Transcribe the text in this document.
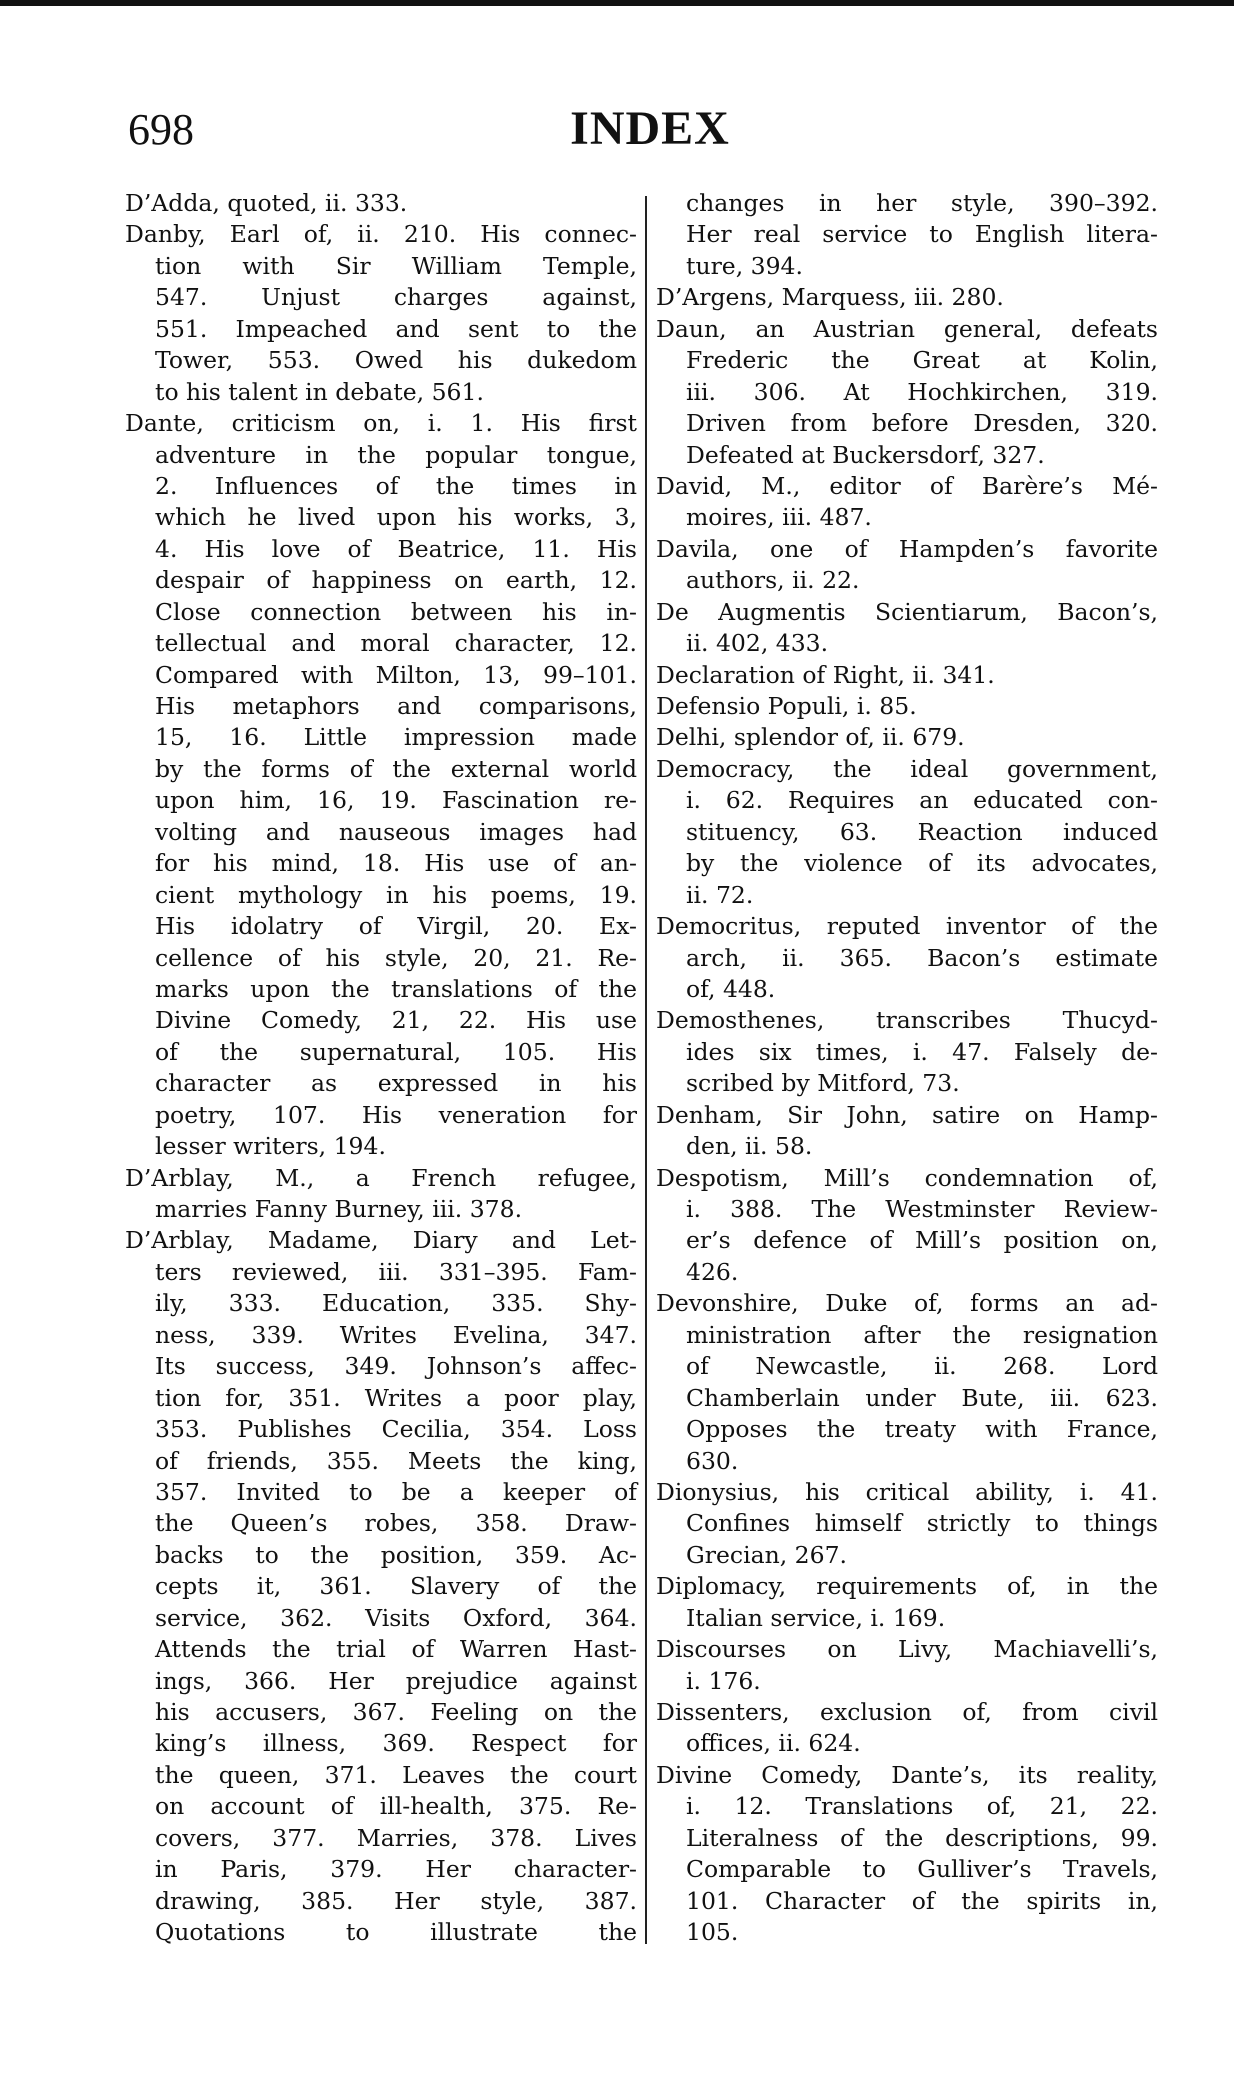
698	INDEX
D’Adda, quoted, ii. 333.
Danby, Earl of, ii. 210. His connec-
tion with Sir William Temple,
547. Unjust charges against,
551. Impeached and sent to the
Tower, 553. Owed his dukedom
to his talent in debate, 561.
Dante, criticism on, i. 1. His first
adventure in the popular tongue,
2. Influences of the times in
which he lived upon his works, 3,
4. His love of Beatrice, 11. His
despair of happiness on earth, 12.
Close connection between his in-
tellectual and moral character, 12.
Compared with Milton, 13, 99–101.
His metaphors and comparisons,
15, 16. Little impression made
by the forms of the external world
upon him, 16, 19. Fascination re-
volting and nauseous images had
for his mind, 18. His use of an-
cient mythology in his poems, 19.
His idolatry of Virgil, 20. Ex-
cellence of his style, 20, 21. Re-
marks upon the translations of the
Divine Comedy, 21, 22. His use
of the supernatural, 105. His
character as expressed in his
poetry, 107. His veneration for
lesser writers, 194.
D’Arblay, M., a French refugee,
marries Fanny Burney, iii. 378.
D’Arblay, Madame, Diary and Let-
ters reviewed, iii. 331–395. Fam-
ily, 333. Education, 335. Shy-
ness, 339. Writes Evelina, 347.
Its success, 349. Johnson’s affec-
tion for, 351. Writes a poor play,
353. Publishes Cecilia, 354. Loss
of friends, 355. Meets the king,
357. Invited to be a keeper of
the Queen’s robes, 358. Draw-
backs to the position, 359. Ac-
cepts it, 361. Slavery of the
service, 362. Visits Oxford, 364.
Attends the trial of Warren Hast-
ings, 366. Her prejudice against
his accusers, 367. Feeling on the
king’s illness, 369. Respect for
the queen, 371. Leaves the court
on account of ill-health, 375. Re-
covers, 377. Marries, 378. Lives
in Paris, 379. Her character-
drawing, 385. Her style, 387.
Quotations to illustrate the
changes in her style, 390–392.
Her real service to English litera-
ture, 394.
D’Argens, Marquess, iii. 280.
Daun, an Austrian general, defeats
Frederic the Great at Kolin,
iii. 306. At Hochkirchen, 319.
Driven from before Dresden, 320.
Defeated at Buckersdorf, 327.
David, M., editor of Barère’s Mé-
moires, iii. 487.
Davila, one of Hampden’s favorite
authors, ii. 22.
De Augmentis Scientiarum, Bacon’s,
ii. 402, 433.
Declaration of Right, ii. 341.
Defensio Populi, i. 85.
Delhi, splendor of, ii. 679.
Democracy, the ideal government,
i. 62. Requires an educated con-
stituency, 63. Reaction induced
by the violence of its advocates,
ii. 72.
Democritus, reputed inventor of the
arch, ii. 365. Bacon’s estimate
of, 448.
Demosthenes, transcribes Thucyd-
ides six times, i. 47. Falsely de-
scribed by Mitford, 73.
Denham, Sir John, satire on Hamp-
den, ii. 58.
Despotism, Mill’s condemnation of,
i. 388. The Westminster Review-
er’s defence of Mill’s position on,
426.
Devonshire, Duke of, forms an ad-
ministration after the resignation
of Newcastle, ii. 268. Lord
Chamberlain under Bute, iii. 623.
Opposes the treaty with France,
630.
Dionysius, his critical ability, i. 41.
Confines himself strictly to things
Grecian, 267.
Diplomacy, requirements of, in the
Italian service, i. 169.
Discourses on Livy, Machiavelli’s,
i. 176.
Dissenters, exclusion of, from civil
offices, ii. 624.
Divine Comedy, Dante’s, its reality,
i. 12. Translations of, 21, 22.
Literalness of the descriptions, 99.
Comparable to Gulliver’s Travels,
101. Character of the spirits in,
105.
